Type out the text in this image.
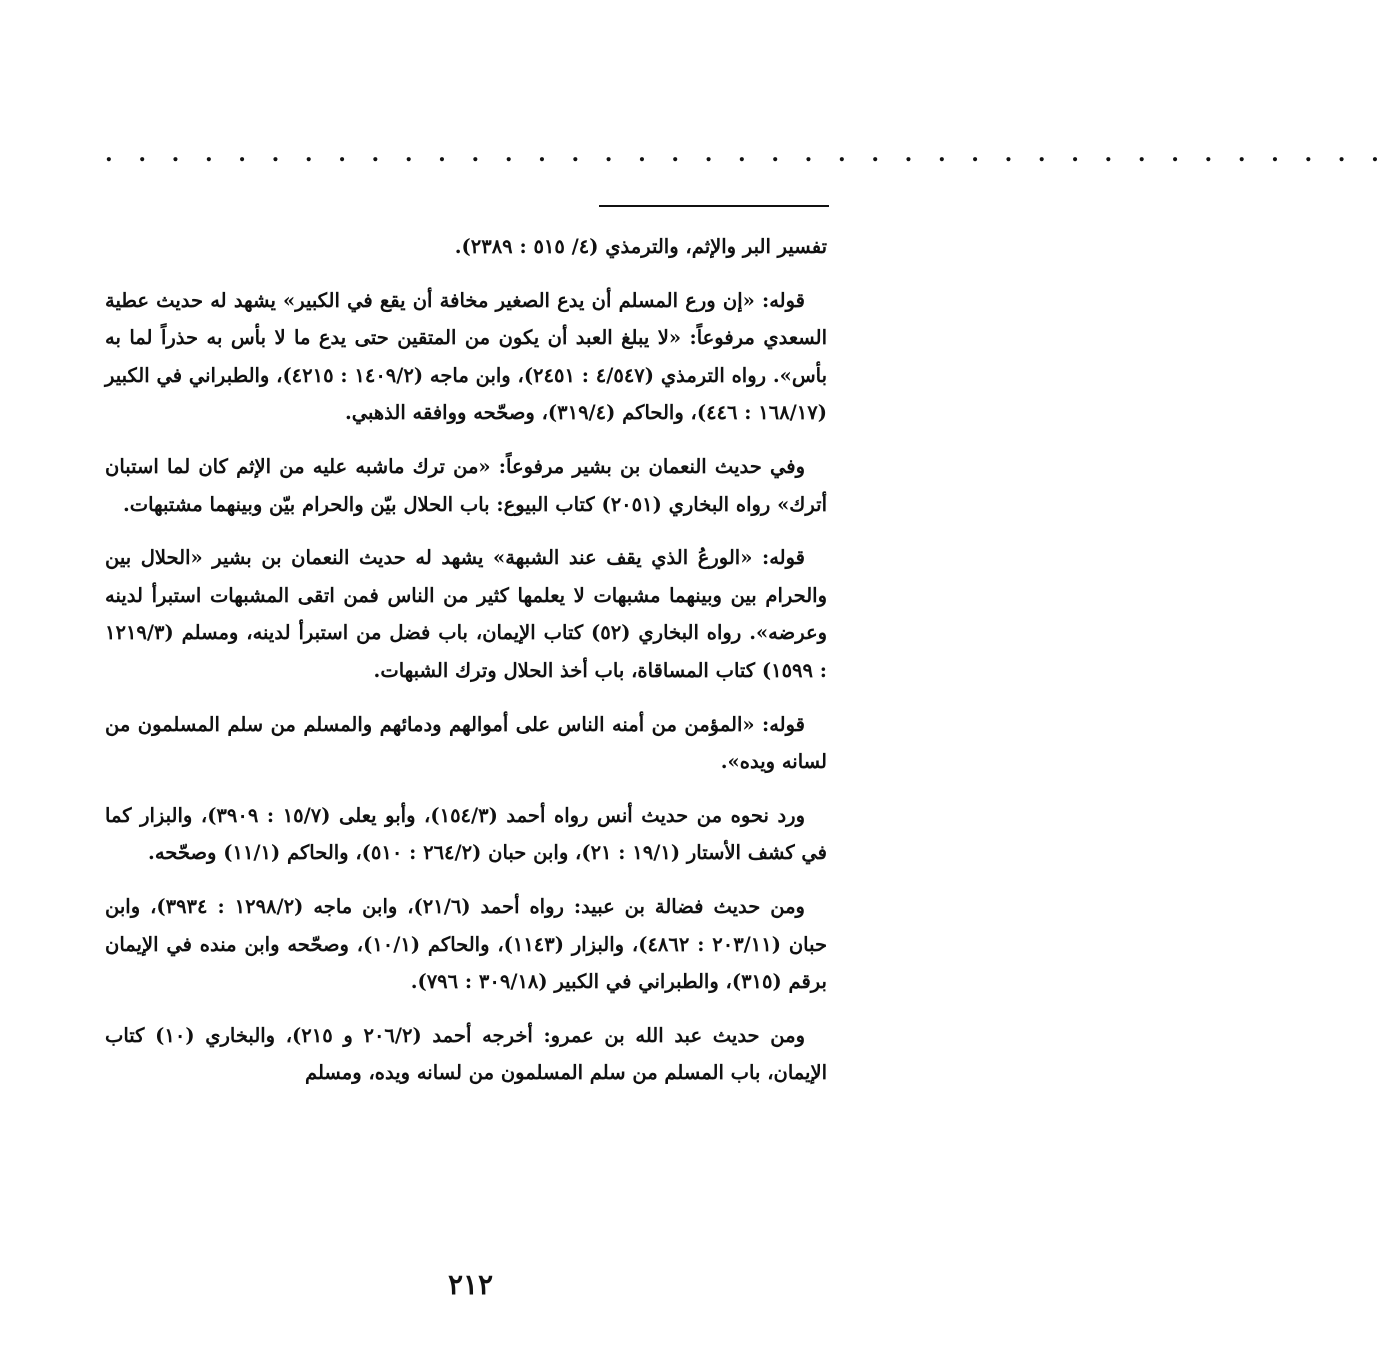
. . . . . . . . . . . . . . . . . . . . . . . . . . . . . . . . . . . . . . .

تفسير البر والإثم، والترمذي (٤/ ٥١٥ : ٢٣٨٩).

قوله: «إن ورع المسلم أن يدع الصغير مخافة أن يقع في الكبير» يشهد له حديث عطية السعدي مرفوعاً: «لا يبلغ العبد أن يكون من المتقين حتى يدع ما لا بأس به حذراً لما به بأس». رواه الترمذي (٤/٥٤٧ : ٢٤٥١)، وابن ماجه (١٤٠٩/٢ : ٤٢١٥)، والطبراني في الكبير (١٦٨/١٧ : ٤٤٦)، والحاكم (٣١٩/٤)، وصحّحه ووافقه الذهبي.

وفي حديث النعمان بن بشير مرفوعاً: «من ترك ماشبه عليه من الإثم كان لما استبان أترك» رواه البخاري (٢٠٥١) كتاب البيوع: باب الحلال بيّن والحرام بيّن وبينهما مشتبهات.

قوله: «الورعُ الذي يقف عند الشبهة» يشهد له حديث النعمان بن بشير «الحلال بين والحرام بين وبينهما مشبهات لا يعلمها كثير من الناس فمن اتقى المشبهات استبرأ لدينه وعرضه». رواه البخاري (٥٢) كتاب الإيمان، باب فضل من استبرأ لدينه، ومسلم (١٢١٩/٣ : ١٥٩٩) كتاب المساقاة، باب أخذ الحلال وترك الشبهات.

قوله: «المؤمن من أمنه الناس على أموالهم ودمائهم والمسلم من سلم المسلمون من لسانه ويده».

ورد نحوه من حديث أنس رواه أحمد (١٥٤/٣)، وأبو يعلى (١٥/٧ : ٣٩٠٩)، والبزار كما في كشف الأستار (١٩/١ : ٢١)، وابن حبان (٢٦٤/٢ : ٥١٠)، والحاكم (١١/١) وصحّحه.

ومن حديث فضالة بن عبيد: رواه أحمد (٢١/٦)، وابن ماجه (١٢٩٨/٢ : ٣٩٣٤)، وابن حبان (٢٠٣/١١ : ٤٨٦٢)، والبزار (١١٤٣)، والحاكم (١٠/١)، وصحّحه وابن منده في الإيمان برقم (٣١٥)، والطبراني في الكبير (٣٠٩/١٨ : ٧٩٦).

ومن حديث عبد الله بن عمرو: أخرجه أحمد (٢٠٦/٢ و ٢١٥)، والبخاري (١٠) كتاب الإيمان، باب المسلم من سلم المسلمون من لسانه ويده، ومسلم

٢١٢
